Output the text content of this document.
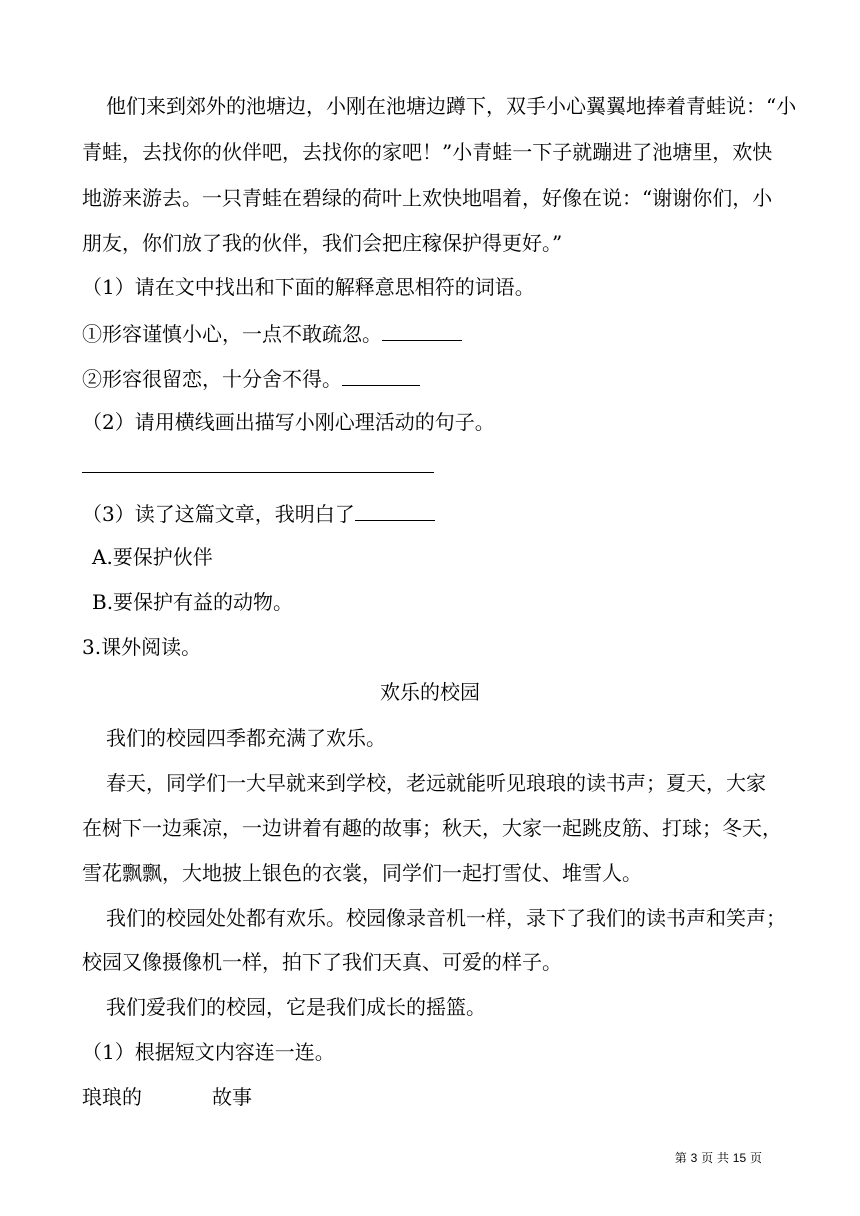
他们来到郊外的池塘边，小刚在池塘边蹲下，双手小心翼翼地捧着青蛙说：“小
青蛙，去找你的伙伴吧，去找你的家吧！”小青蛙一下子就蹦进了池塘里，欢快
地游来游去。一只青蛙在碧绿的荷叶上欢快地唱着，好像在说：“谢谢你们，小
朋友，你们放了我的伙伴，我们会把庄稼保护得更好。”
（1）请在文中找出和下面的解释意思相符的词语。
①形容谨慎小心，一点不敢疏忽。
②形容很留恋，十分舍不得。
（2）请用横线画出描写小刚心理活动的句子。
（3）读了这篇文章，我明白了
A.要保护伙伴
B.要保护有益的动物。
3.课外阅读。
欢乐的校园
我们的校园四季都充满了欢乐。
春天，同学们一大早就来到学校，老远就能听见琅琅的读书声；夏天，大家
在树下一边乘凉，一边讲着有趣的故事；秋天，大家一起跳皮筋、打球；冬天，
雪花飘飘，大地披上银色的衣裳，同学们一起打雪仗、堆雪人。
我们的校园处处都有欢乐。校园像录音机一样，录下了我们的读书声和笑声；
校园又像摄像机一样，拍下了我们天真、可爱的样子。
我们爱我们的校园，它是我们成长的摇篮。
（1）根据短文内容连一连。
琅琅的	故事
第 3 页 共 15 页
